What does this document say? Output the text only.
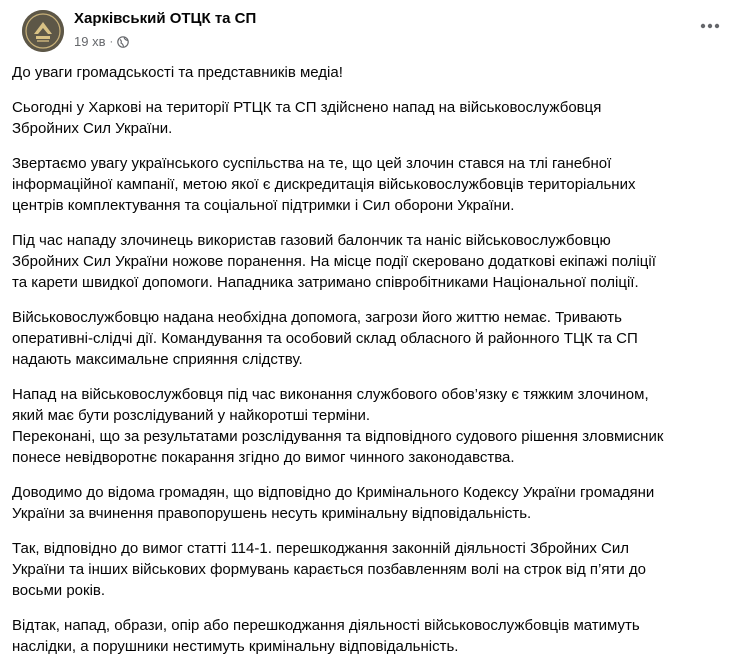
Харківський ОТЦК та СП
19 хв ·

До уваги громадськості та представників медіа!

Сьогодні у Харкові на території РТЦК та СП здійснено напад на військовослужбовця
Збройних Сил України.

Звертаємо увагу українського суспільства на те, що цей злочин стався на тлі ганебної
інформаційної кампанії, метою якої є дискредитація військовослужбовців територіальних
центрів комплектування та соціальної підтримки і Сил оборони України.

Під час нападу злочинець використав газовий балончик та наніс військовослужбовцю
Збройних Сил України ножове поранення. На місце події скеровано додаткові екіпажі поліції
та карети швидкої допомоги. Нападника затримано співробітниками Національної поліції.

Військовослужбовцю надана необхідна допомога, загрози його життю немає. Тривають
оперативні-слідчі дії. Командування та особовий склад обласного й районного ТЦК та СП
надають максимальне сприяння слідству.

Напад на військовослужбовця під час виконання службового обов’язку є тяжким злочином,
який має бути розслідуваний у найкоротші терміни.
Переконані, що за результатами розслідування та відповідного судового рішення зловмисник
понесе невідворотнє покарання згідно до вимог чинного законодавства.

Доводимо до відома громадян, що відповідно до Кримінального Кодексу України громадяни
України за вчинення правопорушень несуть кримінальну відповідальність.

Так, відповідно до вимог статті 114-1. перешкоджання законній діяльності Збройних Сил
України та інших військових формувань карається позбавленням волі на строк від п’яти до
восьми років.

Відтак, напад, образи, опір або перешкоджання діяльності військовослужбовців матимуть
наслідки, а порушники нестимуть кримінальну відповідальність.
